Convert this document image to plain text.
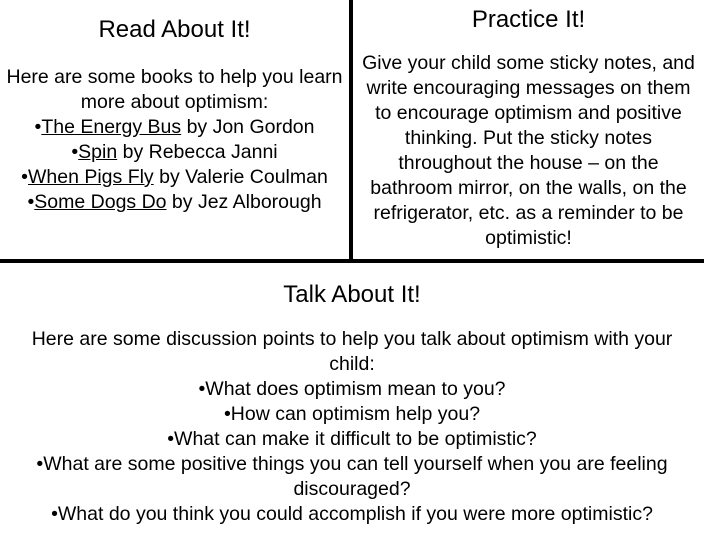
Read About It!
Here are some books to help you learn more about optimism:
•The Energy Bus by Jon Gordon
•Spin by Rebecca Janni
•When Pigs Fly by Valerie Coulman
•Some Dogs Do by Jez Alborough
Practice It!
Give your child some sticky notes, and write encouraging messages on them to encourage optimism and positive thinking. Put the sticky notes throughout the house – on the bathroom mirror, on the walls, on the refrigerator, etc. as a reminder to be optimistic!
Talk About It!
Here are some discussion points to help you talk about optimism with your child:
•What does optimism mean to you?
•How can optimism help you?
•What can make it difficult to be optimistic?
•What are some positive things you can tell yourself when you are feeling discouraged?
•What do you think you could accomplish if you were more optimistic?
